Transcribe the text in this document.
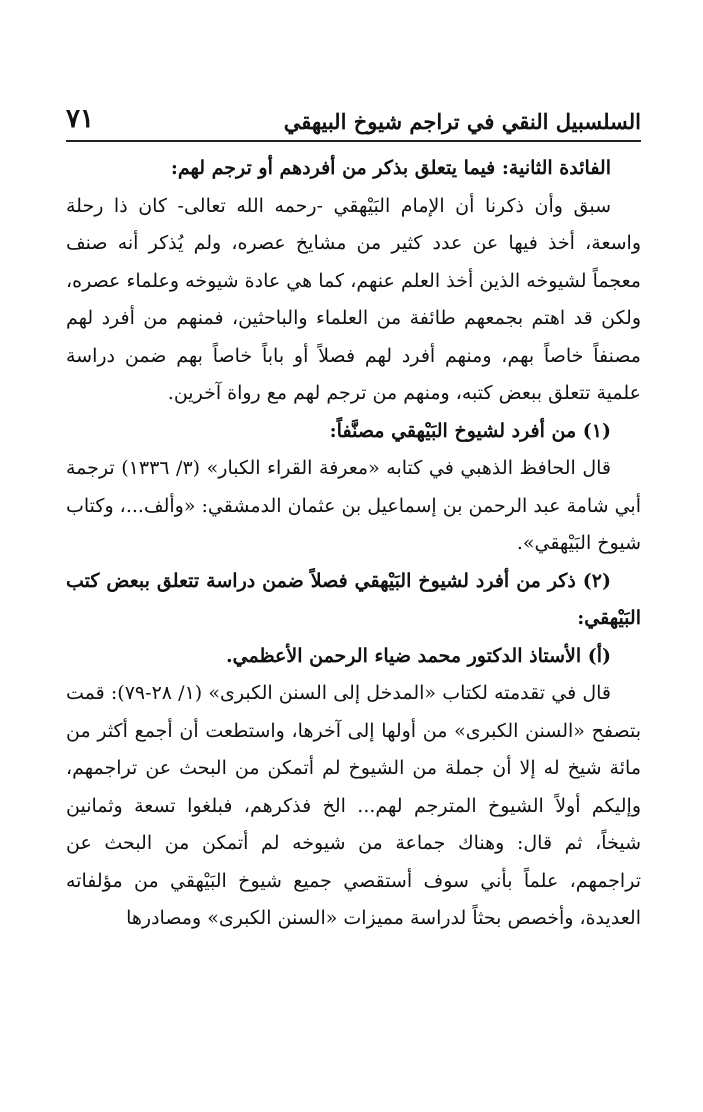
٧١	السلسبيل النقي في تراجم شيوخ البيهقي

الفائدة الثانية: فيما يتعلق بذكر من أفردهم أو ترجم لهم:

سبق وأن ذكرنا أن الإمام البَيْهقي -رحمه الله تعالى- كان ذا رحلة واسعة، أخذ فيها عن عدد كثير من مشايخ عصره، ولم يُذكر أنه صنف معجماً لشيوخه الذين أخذ العلم عنهم، كما هي عادة شيوخه وعلماء عصره، ولكن قد اهتم بجمعهم طائفة من العلماء والباحثين، فمنهم من أفرد لهم مصنفاً خاصاً بهم، ومنهم أفرد لهم فصلاً أو باباً خاصاً بهم ضمن دراسة علمية تتعلق ببعض كتبه، ومنهم من ترجم لهم مع رواة آخرين.

(١) من أفرد لشيوخ البَيْهقي مصنَّفاً:

قال الحافظ الذهبي في كتابه «معرفة القراء الكبار» (٣/ ١٣٣٦) ترجمة أبي شامة عبد الرحمن بن إسماعيل بن عثمان الدمشقي: «وألف...، وكتاب شيوخ البَيْهقي».

(٢) ذكر من أفرد لشيوخ البَيْهقي فصلاً ضمن دراسة تتعلق ببعض كتب البَيْهقي:

(أ) الأستاذ الدكتور محمد ضياء الرحمن الأعظمي.

قال في تقدمته لكتاب «المدخل إلى السنن الكبرى» (١/ ٢٨-٧٩): قمت بتصفح «السنن الكبرى» من أولها إلى آخرها، واستطعت أن أجمع أكثر من مائة شيخ له إلا أن جملة من الشيوخ لم أتمكن من البحث عن تراجمهم، وإليكم أولاً الشيوخ المترجم لهم... الخ فذكرهم، فبلغوا تسعة وثمانين شيخاً، ثم قال: وهناك جماعة من شيوخه لم أتمكن من البحث عن تراجمهم، علماً بأني سوف أستقصي جميع شيوخ البَيْهقي من مؤلفاته العديدة، وأخصص بحثاً لدراسة مميزات «السنن الكبرى» ومصادرها
